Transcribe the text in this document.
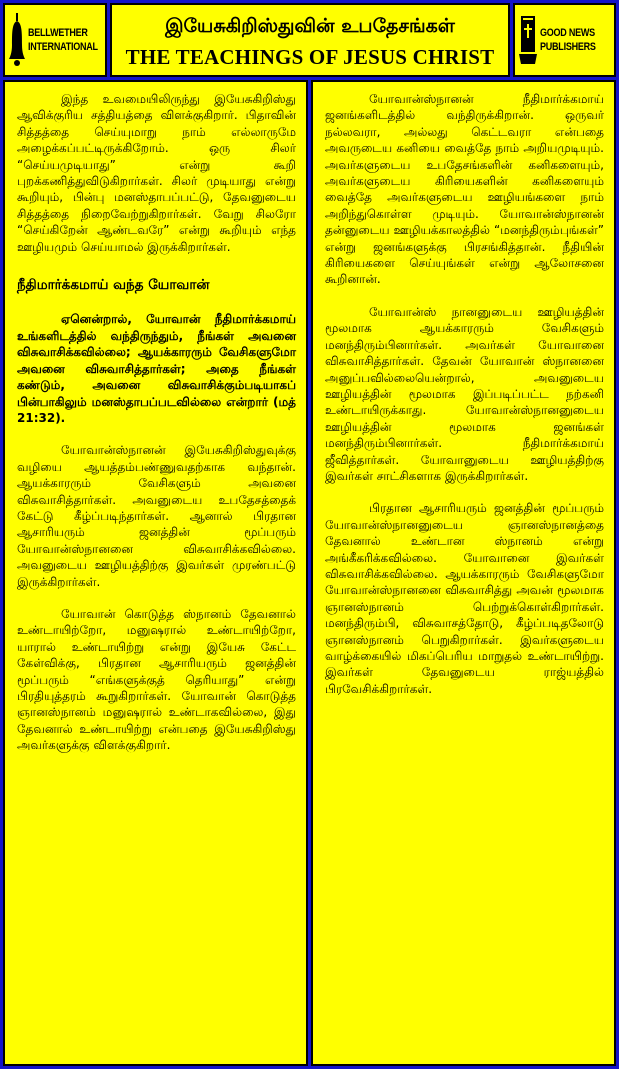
BELLWETHER
INTERNATIONAL
இயேசுகிறிஸ்துவின் உபதேசங்கள்
THE TEACHINGS OF JESUS CHRIST
GOOD NEWS
PUBLISHERS

இந்த உவமையிலிருந்து இயேசுகிறிஸ்து ஆவிக்குரிய சத்தியத்தை விளக்குகிறார். பிதாவின் சித்தத்தை செய்யுமாறு நாம் எல்லாருமே அழைக்கப்பட்டிருக்கிறோம். ஒரு சிலர் “செய்யமுடியாது” என்று கூறி புறக்கணித்துவிடுகிறார்கள். சிலர் முடியாது என்று கூறியும், பின்பு மனஸ்தாபப்பட்டு, தேவனுடைய சித்தத்தை நிறைவேற்றுகிறார்கள். வேறு சிலரோ “செய்கிறேன் ஆண்டவரே” என்று கூறியும் எந்த ஊழியமும் செய்யாமல் இருக்கிறார்கள்.

நீதிமார்க்கமாய் வந்த யோவான்

ஏனென்றால், யோவான் நீதிமார்க்கமாய் உங்களிடத்தில் வந்திருந்தும், நீங்கள் அவனை விசுவாசிக்கவில்லை; ஆயக்காரரும் வேசிகளுமோ அவனை விசுவாசித்தார்கள்; அதை நீங்கள் கண்டும், அவனை விசுவாசிக்கும்படியாகப் பின்பாகிலும் மனஸ்தாபப்படவில்லை என்றார் (மத் 21:32).

யோவான்ஸ்நானன் இயேசுகிறிஸ்துவுக்கு வழியை ஆயத்தம்பண்ணுவதற்காக வந்தான். ஆயக்காரரும் வேசிகளும் அவனை விசுவாசித்தார்கள். அவனுடைய உபதேசத்தைக் கேட்டு கீழ்ப்படிந்தார்கள். ஆனால் பிரதான ஆசாரியரும் ஜனத்தின் மூப்பரும் யோவான்ஸ்நானனை விசுவாசிக்கவில்லை. அவனுடைய ஊழியத்திற்கு இவர்கள் முரண்பட்டு இருக்கிறார்கள்.

யோவான் கொடுத்த ஸ்நானம் தேவனால் உண்டாயிற்றோ, மனுஷரால் உண்டாயிற்றோ, யாரால் உண்டாயிற்று என்று இயேசு கேட்ட கேள்விக்கு, பிரதான ஆசாரியரும் ஜனத்தின் மூப்பரும் “எங்களுக்குத் தெரியாது” என்று பிரதியுத்தரம் கூறுகிறார்கள். யோவான் கொடுத்த ஞானஸ்நானம் மனுஷரால் உண்டாகவில்லை, இது தேவனால் உண்டாயிற்று என்பதை இயேசுகிறிஸ்து அவர்களுக்கு விளக்குகிறார்.

யோவான்ஸ்நானன் நீதிமார்க்கமாய் ஜனங்களிடத்தில் வந்திருக்கிறான். ஒருவர் நல்லவரா, அல்லது கெட்டவரா என்பதை அவருடைய கனியை வைத்தே நாம் அறியமுடியும். அவர்களுடைய உபதேசங்களின் கனிகளையும், அவர்களுடைய கிரியைகளின் கனிகளையும் வைத்தே அவர்களுடைய ஊழியங்களை நாம் அறிந்துகொள்ள முடியும். யோவான்ஸ்நானன் தன்னுடைய ஊழியக்காலத்தில் “மனந்திரும்புங்கள்” என்று ஜனங்களுக்கு பிரசங்கித்தான். நீதியின் கிரியைகளை செய்யுங்கள் என்று ஆலோசனை கூறினான்.

யோவான்ஸ் நானனுடைய ஊழியத்தின் மூலமாக ஆயக்காரரும் வேசிகளும் மனந்திரும்பினார்கள். அவர்கள் யோவானை விசுவாசித்தார்கள். தேவன் யோவான் ஸ்நானனை அனுப்பவில்லையென்றால், அவனுடைய ஊழியத்தின் மூலமாக இப்படிப்பட்ட நற்கனி உண்டாயிருக்காது. யோவான்ஸ்நானனுடைய ஊழியத்தின் மூலமாக ஜனங்கள் மனந்திரும்பினார்கள். நீதிமார்க்கமாய் ஜீவித்தார்கள். யோவானுடைய ஊழியத்திற்கு இவர்கள் சாட்சிகளாக இருக்கிறார்கள்.

பிரதான ஆசாரியரும் ஜனத்தின் மூப்பரும் யோவான்ஸ்நானனுடைய ஞானஸ்நானத்தை தேவனால் உண்டான ஸ்நானம் என்று அங்கீகரிக்கவில்லை. யோவானை இவர்கள் விசுவாசிக்கவில்லை. ஆயக்காரரும் வேசிகளுமோ யோவான்ஸ்நானனை விசுவாசித்து அவன் மூலமாக ஞானஸ்நானம் பெற்றுக்கொள்கிறார்கள். மனந்திரும்பி, விசுவாசத்தோடு, கீழ்ப்படிதலோடு ஞானஸ்நானம் பெறுகிறார்கள். இவர்களுடைய வாழ்க்கையில் மிகப்பெரிய மாறுதல் உண்டாயிற்று. இவர்கள் தேவனுடைய ராஜ்யத்தில் பிரவேசிக்கிறார்கள்.
